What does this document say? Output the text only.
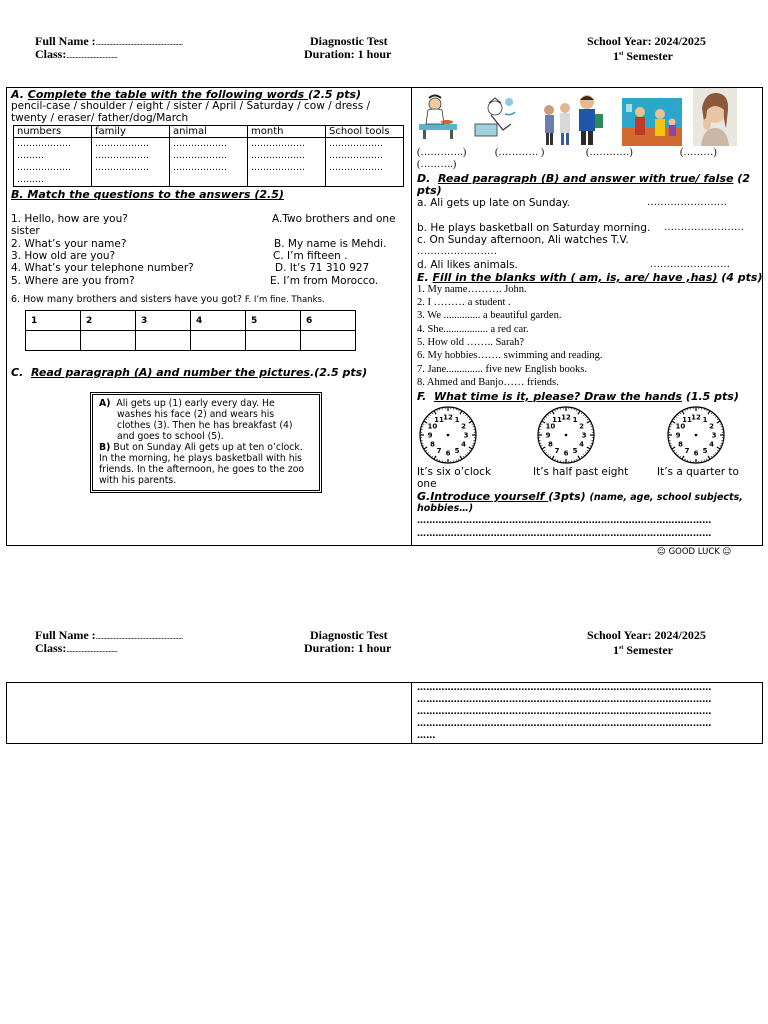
Full Name :..........................................................
Class:..................................
Diagnostic Test
Duration: 1 hour
School Year: 2024/2025
1st Semester
A. Complete the table with the following words (2.5 pts)
pencil-case / shoulder / eight / sister / April / Saturday / cow / dress /
twenty / eraser/ father/dog/March
numbers	family	animal	month	School tools
……………… ……… ……………… ………	……………… ……………… ………………	……………… ……………… ………………	……………… ……………… ………………	……………… ……………… ………………
B. Match the questions to the answers (2.5)
1. Hello, how are you?	A.Two brothers and one
sister
2. What’s your name?	B. My name is Mehdi.
3. How old are you?	C. I’m fifteen .
4. What’s your telephone number?	D. It’s 71 310 927
5. Where are you from?	E. I’m from Morocco.
6. How many brothers and sisters have you got? F. I’m fine. Thanks.
1	2	3	4	5	6

C. Read paragraph (A) and number the pictures.(2.5 pts)
A) Ali gets up (1) early every day. He
washes his face (2) and wears his
clothes (3). Then he has breakfast (4)
and goes to school (5).
B) But on Sunday Ali gets up at ten o’clock.
In the morning, he plays basketball with his
friends. In the afternoon, he goes to the zoo
with his parents.
(………….)	(………… )	(…………)	(………)
(……….)
D. Read paragraph (B) and answer with true/ false (2
pts)
a. Ali gets up late on Sunday.	……………………
b. He plays basketball on Saturday morning. ……………………
c. On Sunday afternoon, Ali watches T.V.
……………………
d. Ali likes animals.	……………………
E. Fill in the blanks with ( am, is, are/ have ,has) (4 pts)
1. My name………. John.
2. I ……… a student .
3. We .............. a beautiful garden.
4. She................. a red car.
5. How old …….. Sarah?
6. My hobbies……. swimming and reading.
7. Jane.............. five new English books.
8. Ahmed and Banjo…… friends.
F. What time is it, please? Draw the hands (1.5 pts)
1
2
3
4
5
6
7
8
9
10
11 12	1
2
3
4
5
6
7
8
9
10
11 12	1
2
3
4
5
6
7
8
9
10
11 12
It’s six o’clock	It’s half past eight	It’s a quarter to
one
G.Introduce yourself (3pts) (name, age, school subjects,
hobbies…)
……………………………………………………………………………………
……………………………………………………………………………………
☺ GOOD LUCK ☺
Full Name :..........................................................
Class:..................................
Diagnostic Test
Duration: 1 hour
School Year: 2024/2025
1st Semester
……………………………………………………………………………………
……………………………………………………………………………………
……………………………………………………………………………………
……………………………………………………………………………………
……
